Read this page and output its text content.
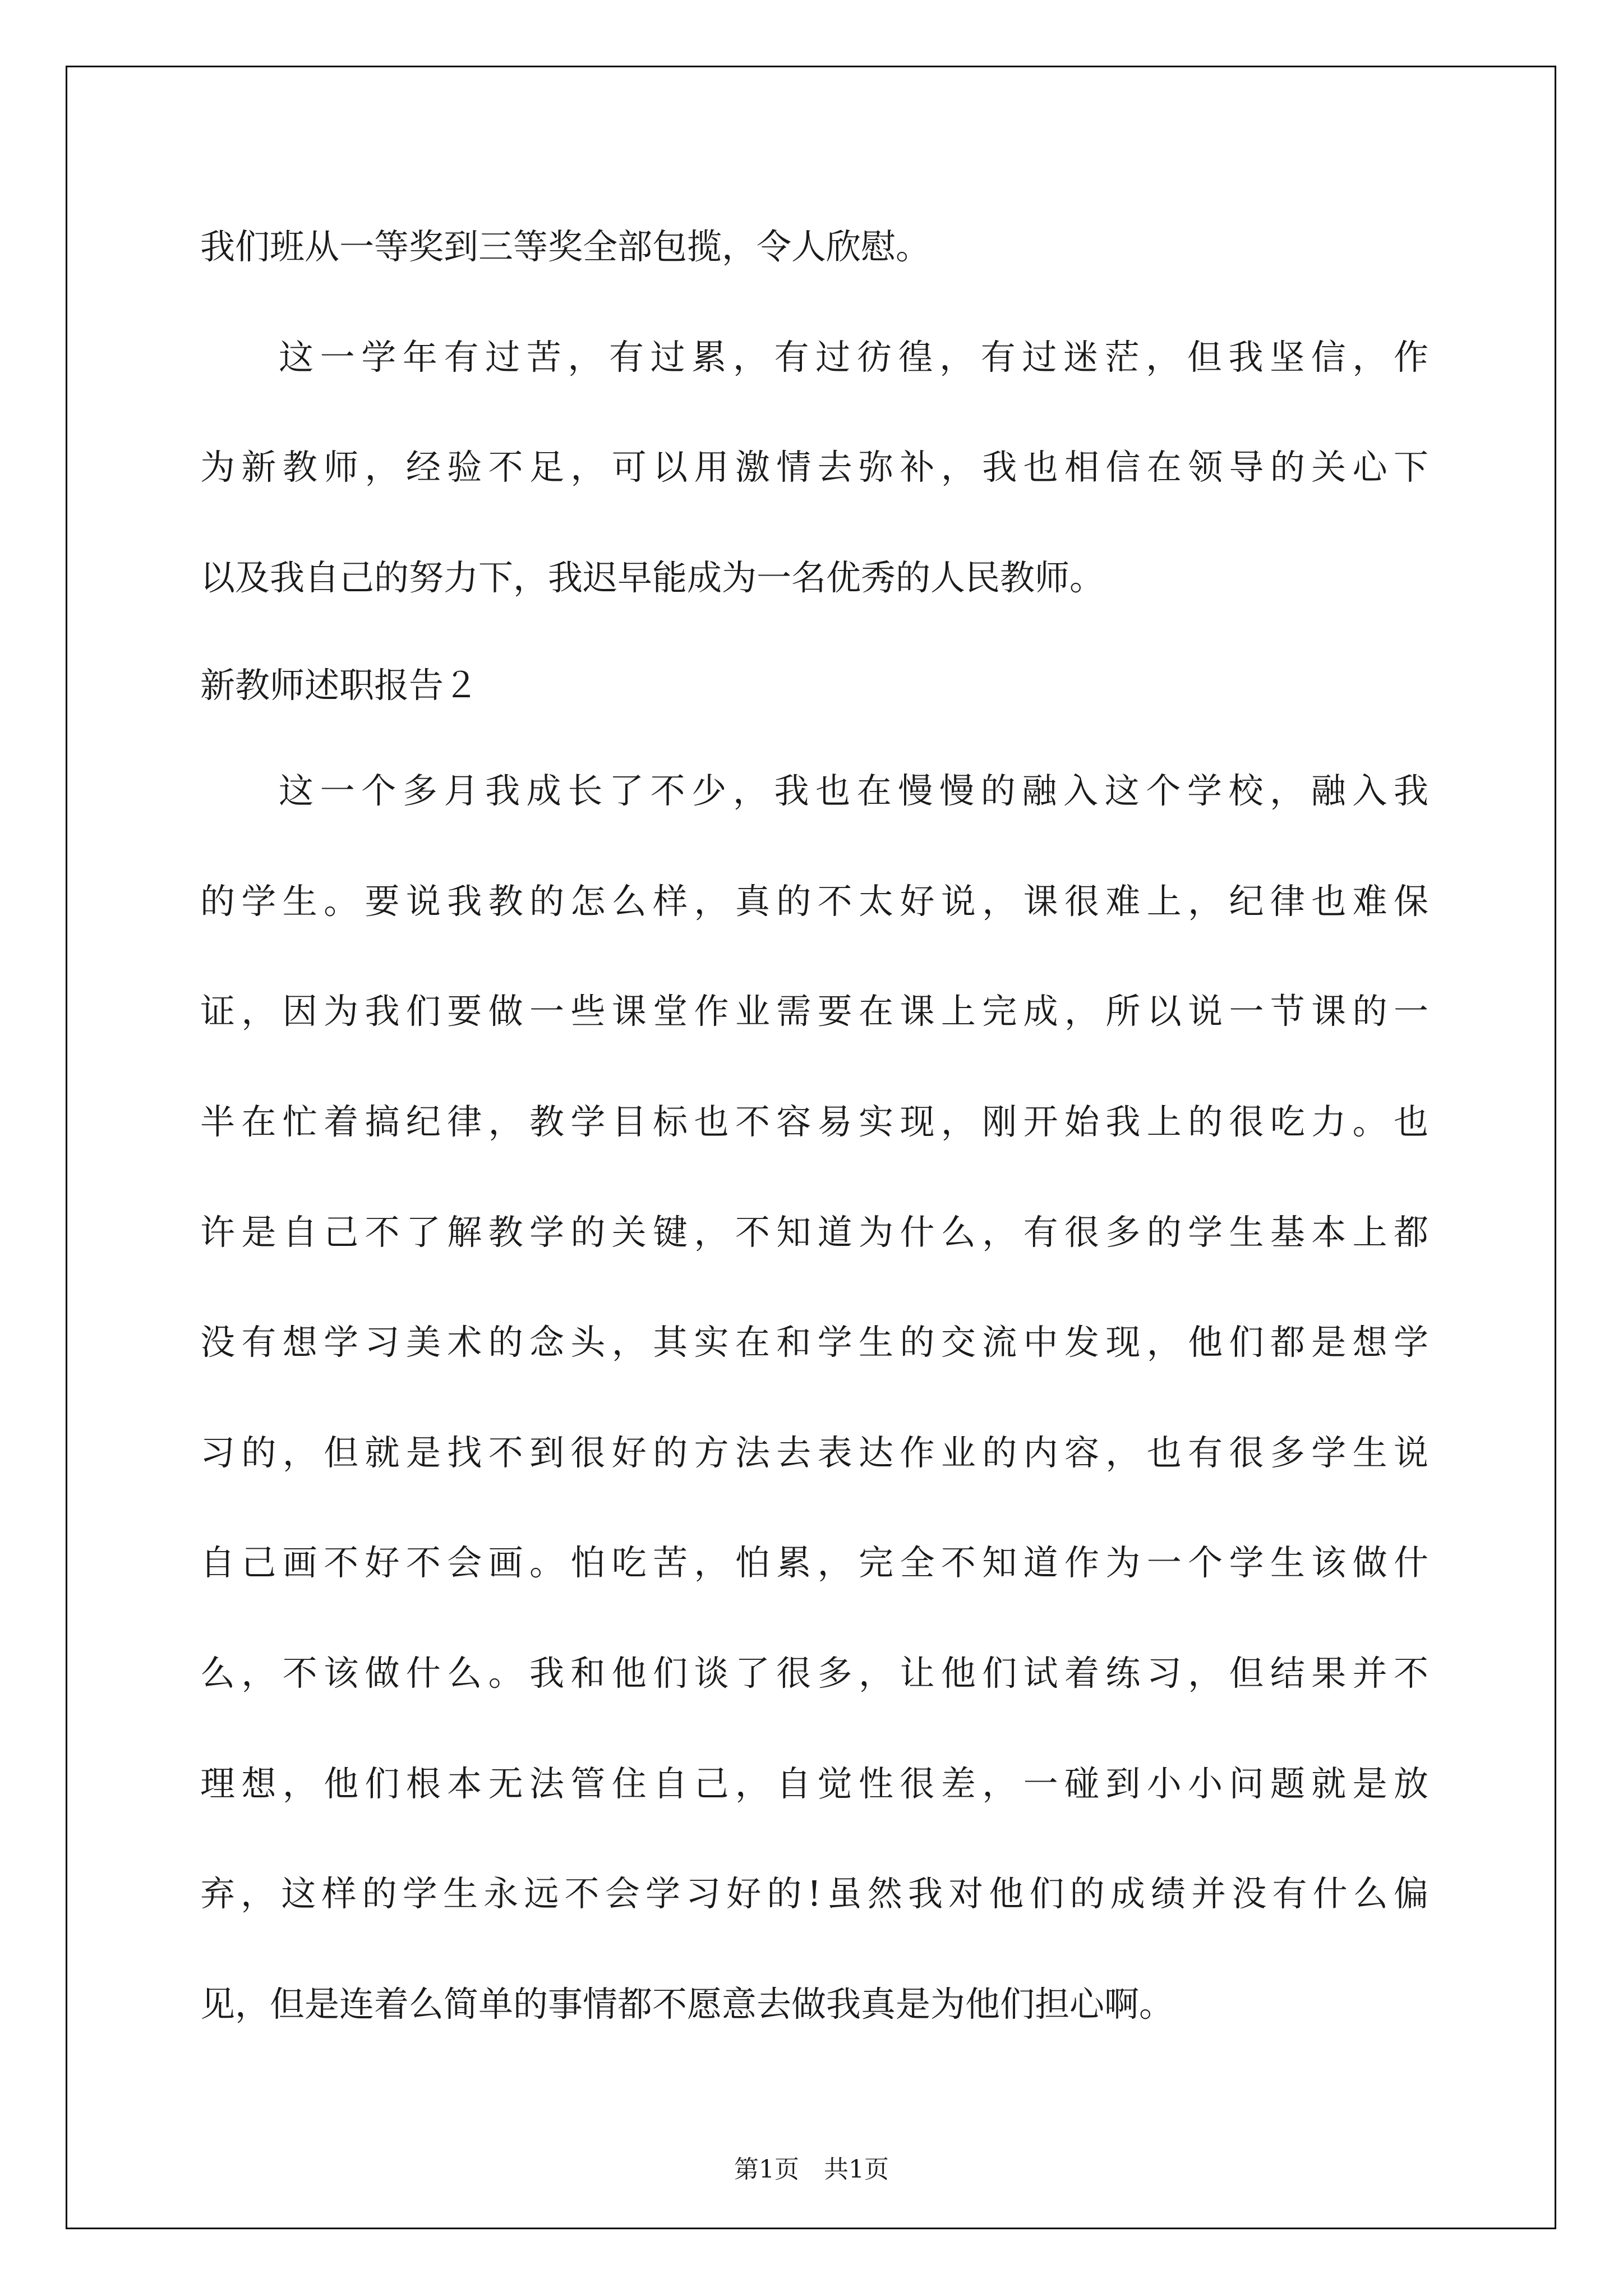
我们班从一等奖到三等奖全部包揽，令人欣慰。
这一学年有过苦，有过累，有过彷徨，有过迷茫，但我坚信，作
为新教师，经验不足，可以用激情去弥补，我也相信在领导的关心下
以及我自己的努力下，我迟早能成为一名优秀的人民教师。
新教师述职报告２
这一个多月我成长了不少，我也在慢慢的融入这个学校，融入我
的学生。要说我教的怎么样，真的不太好说，课很难上，纪律也难保
证，因为我们要做一些课堂作业需要在课上完成，所以说一节课的一
半在忙着搞纪律，教学目标也不容易实现，刚开始我上的很吃力。也
许是自己不了解教学的关键，不知道为什么，有很多的学生基本上都
没有想学习美术的念头，其实在和学生的交流中发现，他们都是想学
习的，但就是找不到很好的方法去表达作业的内容，也有很多学生说
自己画不好不会画。怕吃苦，怕累，完全不知道作为一个学生该做什
么，不该做什么。我和他们谈了很多，让他们试着练习，但结果并不
理想，他们根本无法管住自己，自觉性很差，一碰到小小问题就是放
弃，这样的学生永远不会学习好的!虽然我对他们的成绩并没有什么偏
见，但是连着么简单的事情都不愿意去做我真是为他们担心啊。
第1页　共1页
